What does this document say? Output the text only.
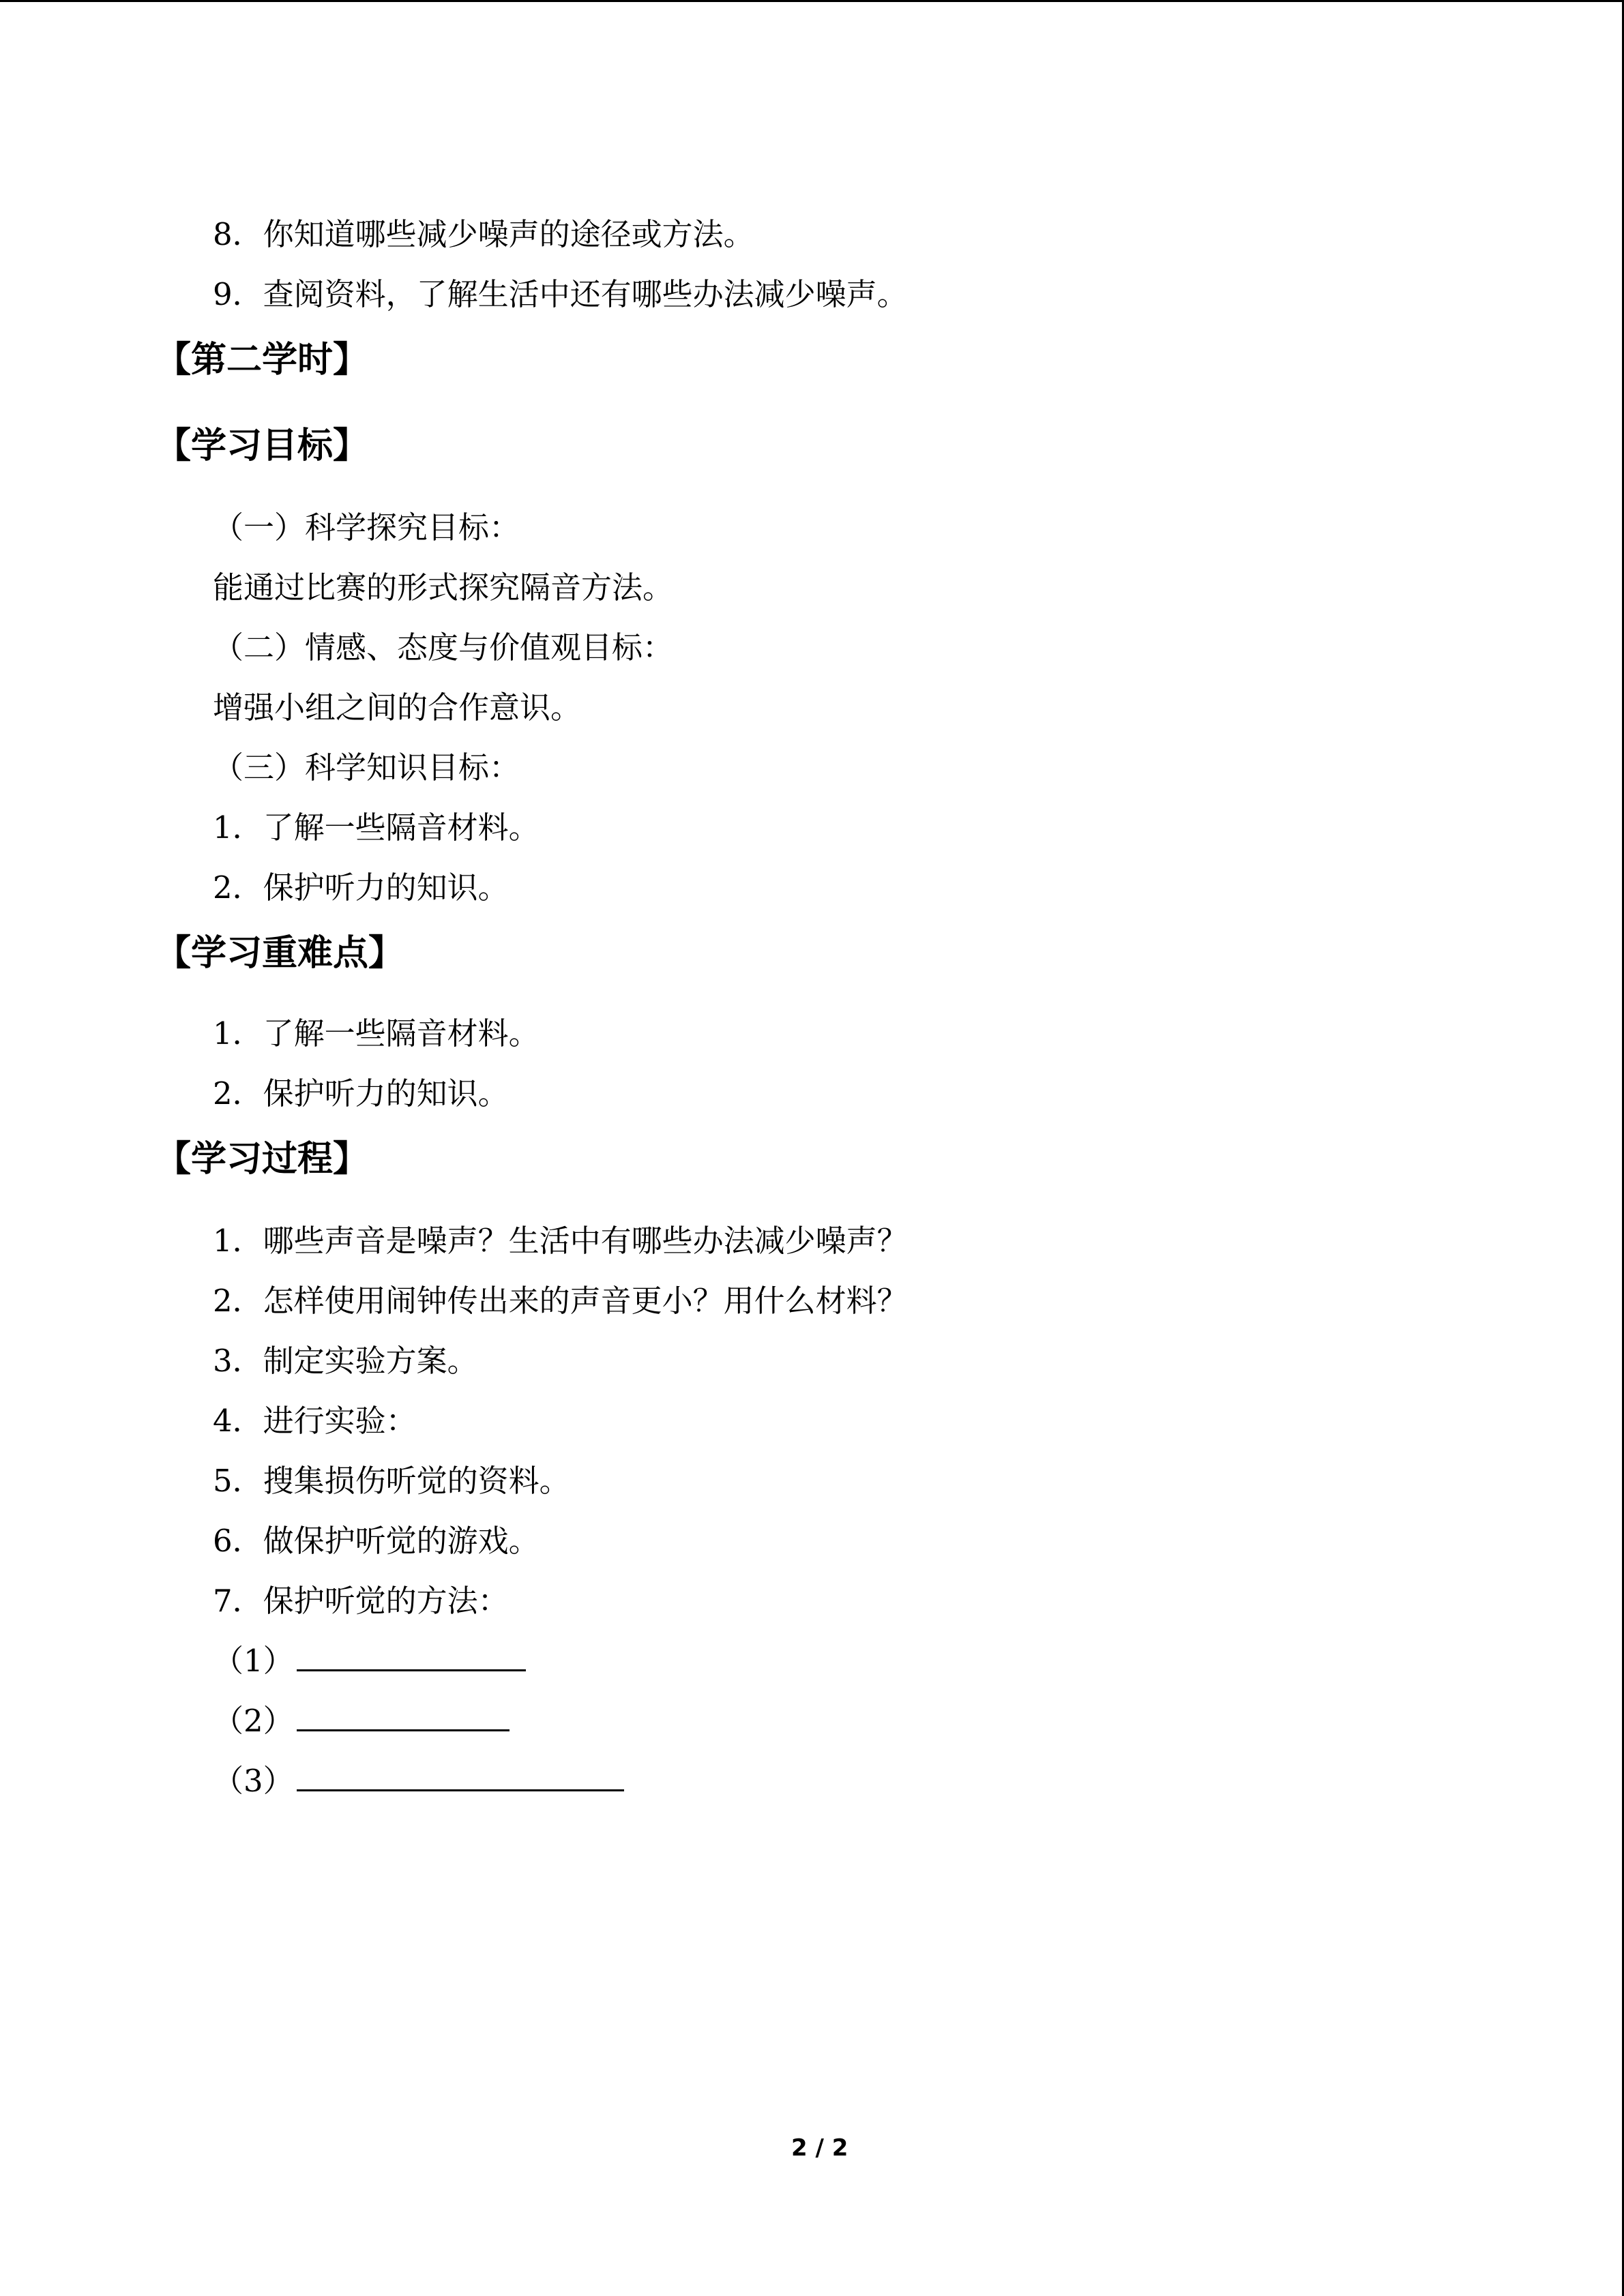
8．你知道哪些减少噪声的途径或方法。
9．查阅资料，了解生活中还有哪些办法减少噪声。
【第二学时】
【学习目标】
（一）科学探究目标：
能通过比赛的形式探究隔音方法。
（二）情感、态度与价值观目标：
增强小组之间的合作意识。
（三）科学知识目标：
1．了解一些隔音材料。
2．保护听力的知识。
【学习重难点】
1．了解一些隔音材料。
2．保护听力的知识。
【学习过程】
1．哪些声音是噪声？生活中有哪些办法减少噪声？
2．怎样使用闹钟传出来的声音更小？用什么材料？
3．制定实验方案。
4．进行实验：
5．搜集损伤听觉的资料。
6．做保护听觉的游戏。
7．保护听觉的方法：
（1）
（2）
（3）
2 / 2
